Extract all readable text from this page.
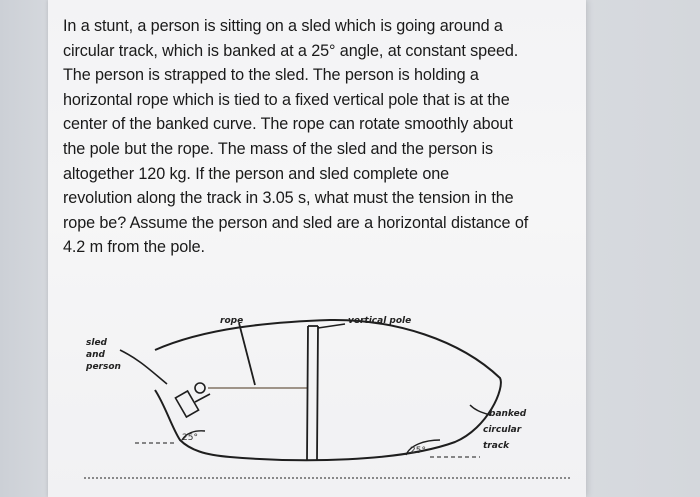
In a stunt, a person is sitting on a sled which is going around a
circular track, which is banked at a 25° angle, at constant speed.
The person is strapped to the sled. The person is holding a
horizontal rope which is tied to a fixed vertical pole that is at the
center of the banked curve. The rope can rotate smoothly about
the pole but the rope. The mass of the sled and the person is
altogether 120 kg. If the person and sled complete one
revolution along the track in 3.05 s, what must the tension in the
rope be? Assume the person and sled are a horizontal distance of
4.2 m from the pole.
rope	vertical pole
sled
and
person
banked
circular
track
25°
25°
